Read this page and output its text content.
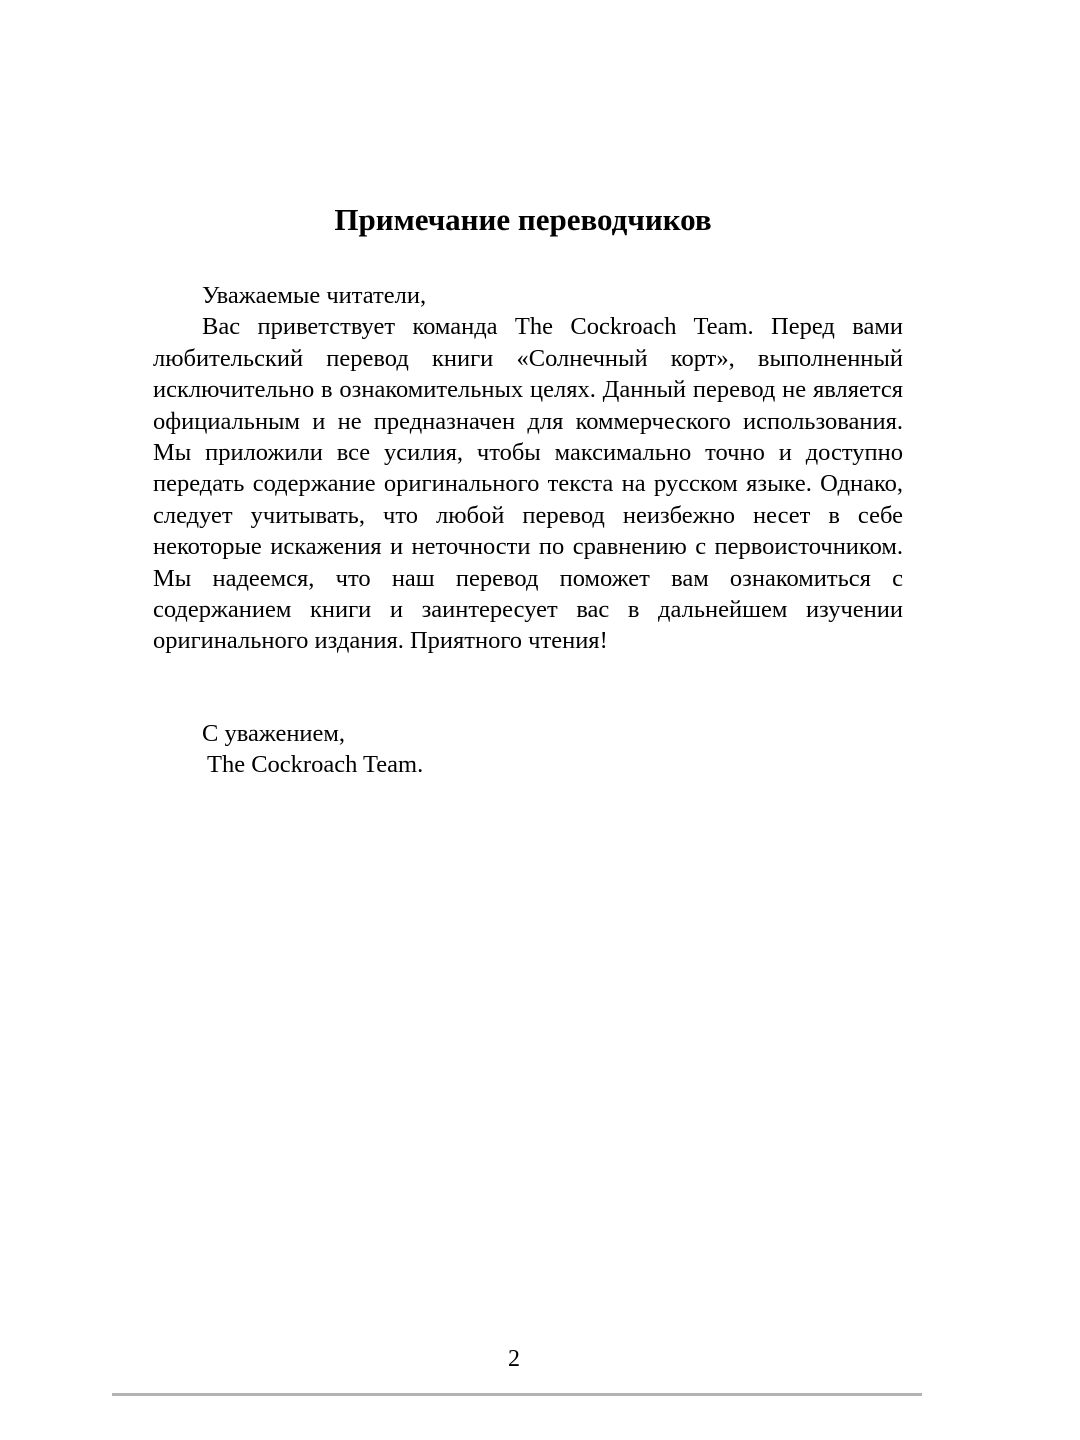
Примечание переводчиков

Уважаемые читатели,

Вас приветствует команда The Cockroach Team. Перед вами любительский перевод книги «Солнечный корт», выполненный исключительно в ознакомительных целях. Данный перевод не является официальным и не предназначен для коммерческого использования. Мы приложили все усилия, чтобы максимально точно и доступно передать содержание оригинального текста на русском языке. Однако, следует учитывать, что любой перевод неизбежно несет в себе некоторые искажения и неточности по сравнению с первоисточником. Мы надеемся, что наш перевод поможет вам ознакомиться с содержанием книги и заинтересует вас в дальнейшем изучении оригинального издания. Приятного чтения!

С уважением,

The Cockroach Team.

2
